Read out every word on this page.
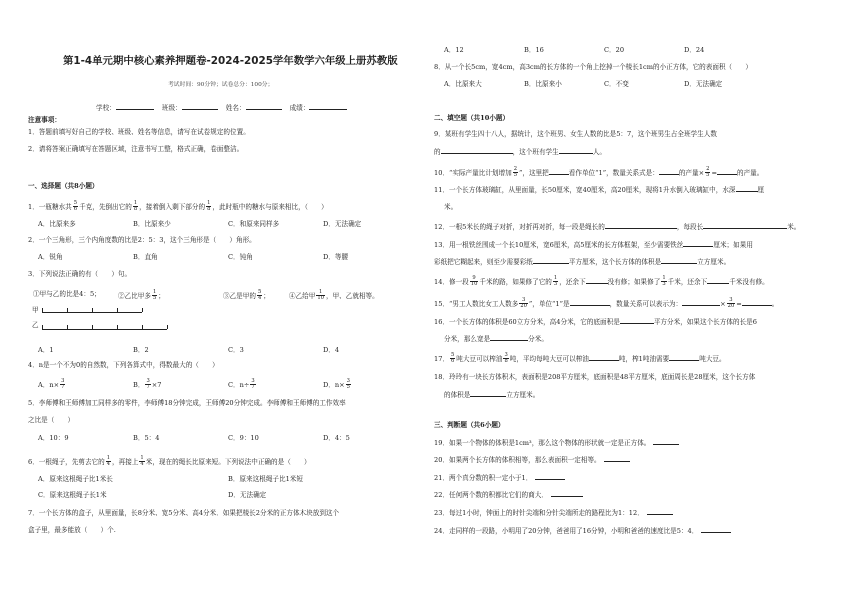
第1-4单元期中核心素养押题卷-2024-2025学年数学六年级上册苏教版
考试时间：90分钟；试卷总分：100分；
学校：	班级：	姓名：	成绩：
注意事项：
1．答题前填写好自己的学校、班级、姓名等信息，请写在试卷规定的位置。
2．请将答案正确填写在答题区域，注意书写工整，格式正确，卷面整洁。
一、选择题（共8小题）
1．一瓶糖水共 $\frac{5}{6}$ 千克，先倒出它的 $\frac{1}{8}$ ，接着倒入剩下部分的 $\frac{1}{8}$ ，此时瓶中的糖水与原来相比，（　　）
A．比原来多	B．比原来少	C．和原来同样多	D．无法确定
2．一个三角形，三个内角度数的比是2：5：3，这个三角形是（　　）角形。
A．锐角	B．直角	C．钝角	D．等腰
3．下列说法正确的有（　　）句。
①甲与乙的比是4：5；	②乙比甲多 $\frac{1}{5}$ ；	③乙是甲的 $\frac{5}{4}$ ；	④乙给甲 $\frac{1}{10}$ ，甲、乙就相等。
甲
乙
A．1	B．2	C．3	D．4
4．n是一个不为0的自然数，下列各算式中，得数最大的（　　）
A．$n\times \frac{3}{7}$	B． $\frac{3}{7} \times 7$	C．$n\div \frac{3}{7}$	D．$n\times \frac{3}{5}$
5．李师傅和王师傅加工同样多的零件，李师傅18分钟完成，王师傅20分钟完成。李师傅和王师傅的工作效率
之比是（　　）
A．10：9	B．5：4	C．9：10	D．4：5
6．一根绳子，先剪去它的 $\frac{1}{4}$ ，再接上 $\frac{1}{4}$ 米，现在的绳长比原来短。下列说法中正确的是（　　）
A．原来这根绳子比1米长	B．原来这根绳子比1米短
C．原来这根绳子长1米	D．无法确定
7．一个长方体的盒子，从里面量，长8分米、宽5分米、高4分米．如果把棱长2分米的正方体木块放到这个
盒子里，最多能放（　　）个.
A．12	B．16	C．20	D．24
8．从一个长5cm，宽4cm，高3cm的长方体的一个角上挖掉一个棱长1cm的小正方体，它的表面积（　　）
A．比原来大	B．比原来小	C．不变	D．无法确定
二、填空题（共10小题）
9．某班有学生四十八人，据统计，这个班男、女生人数的比是5：7，这个班男生占全班学生人数
的	，这个班有学生	人。
10．“实际产量比计划增加 $\frac{2}{5}$ ”，这里把	看作单位“1”，数量关系式是：	的产量× $\frac{2}{5}$ =	的产量。
11．一个长方体玻璃缸，从里面量，长50厘米，宽40厘米，高20厘米，现将1升水倒入玻璃缸中，水深	厘
米。
12．一根5米长的绳子对折，对折再对折，每一段是绳长的	，每段长	米。
13．用一根铁丝围成一个长10厘米，宽6厘米，高5厘米的长方体框架，至少需要铁丝	厘米；如果用
彩纸把它糊起来，则至少需要彩纸	平方厘米，这个长方体的体积是	立方厘米。
14．修一段 $\frac{9}{10}$ 千米的路，如果修了它的 $\frac{1}{3}$ ，还余下	没有修；如果修了 $\frac{1}{3}$ 千米，还余下	千米没有修。
15．“男工人数比女工人数多 $\frac{3}{20}$ ”，单位“1”是	，数量关系可以表示为：	× $\frac{3}{20}$ =	。
16．一个长方体的体积是60立方分米，高4分米，它的底面积是	平方分米，如果这个长方体的长是6
分米，那么宽是	分米。
17． $\frac{5}{6}$ 吨大豆可以榨油 $\frac{3}{8}$ 吨，平均每吨大豆可以榨油	吨，榨1吨油需要	吨大豆。
18．玲玲有一块长方体积木，表面积是208平方厘米，底面积是48平方厘米，底面周长是28厘米，这个长方体
的体积是	立方厘米。
三、判断题（共6小题）
19．如果一个物体的体积是1cm³，那么这个物体的形状就一定是正方体。
20．如果两个长方体的体积相等，那么表面积一定相等。
21．两个真分数的积一定小于1．
22．任何两个数的积都比它们的商大．
23．每过1小时，钟面上的时针尖端和分针尖端所走的路程比为1：12．
24．走同样的一段路，小明用了20分钟，爸爸用了16分钟，小明和爸爸的速度比是5：4．
